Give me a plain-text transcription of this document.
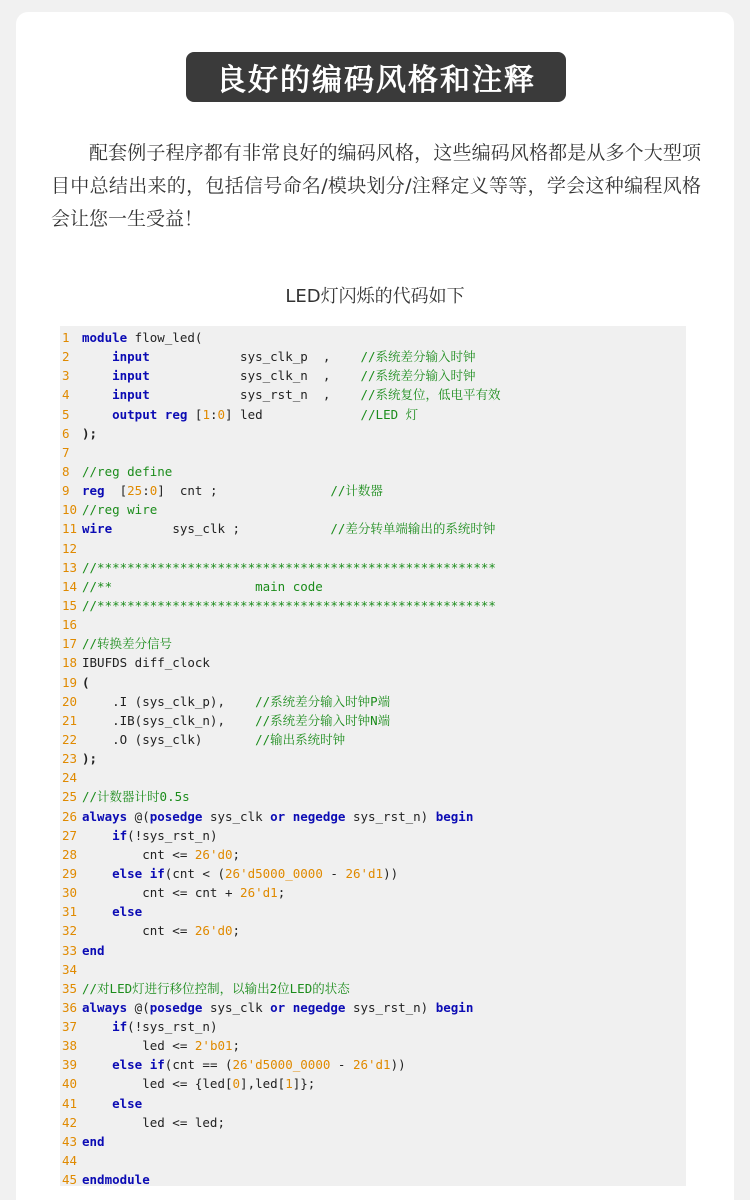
良好的编码风格和注释

配套例子程序都有非常良好的编码风格，这些编码风格都是从多个大型项目中总结出来的，包括信号命名/模块划分/注释定义等等，学会这种编程风格会让您一生受益！

LED灯闪烁的代码如下
1 module flow_led(
2	input            sys_clk_p  ,    //系统差分输入时钟
3	input            sys_clk_n  ,    //系统差分输入时钟
4	input            sys_rst_n  ,    //系统复位，低电平有效
5	output reg [1:0] led             //LED 灯
6 );
7
8 //reg define
9 reg  [25:0]  cnt ;               //计数器
10 //reg wire
11 wire        sys_clk ;            //差分转单端输出的系统时钟
12
13 //*****************************************************
14 //**                   main code
15 //*****************************************************
16
17 //转换差分信号
18 IBUFDS diff_clock
19 (
20    .I (sys_clk_p),    //系统差分输入时钟P端
21    .IB(sys_clk_n),    //系统差分输入时钟N端
22    .O (sys_clk)       //输出系统时钟
23 );
24
25 //计数器计时0.5s
26 always @(posedge sys_clk or negedge sys_rst_n) begin
27	if(!sys_rst_n)
28        cnt <= 26'd0;
29	else if(cnt < (26'd5000_0000 - 26'd1))
30        cnt <= cnt + 26'd1;
31	else
32        cnt <= 26'd0;
33 end
34
35 //对LED灯进行移位控制，以输出2位LED的状态
36 always @(posedge sys_clk or negedge sys_rst_n) begin
37	if(!sys_rst_n)
38        led <= 2'b01;
39	else if(cnt == (26'd5000_0000 - 26'd1))
40        led <= {led[0],led[1]};
41	else
42        led <= led;
43 end
44
45 endmodule
